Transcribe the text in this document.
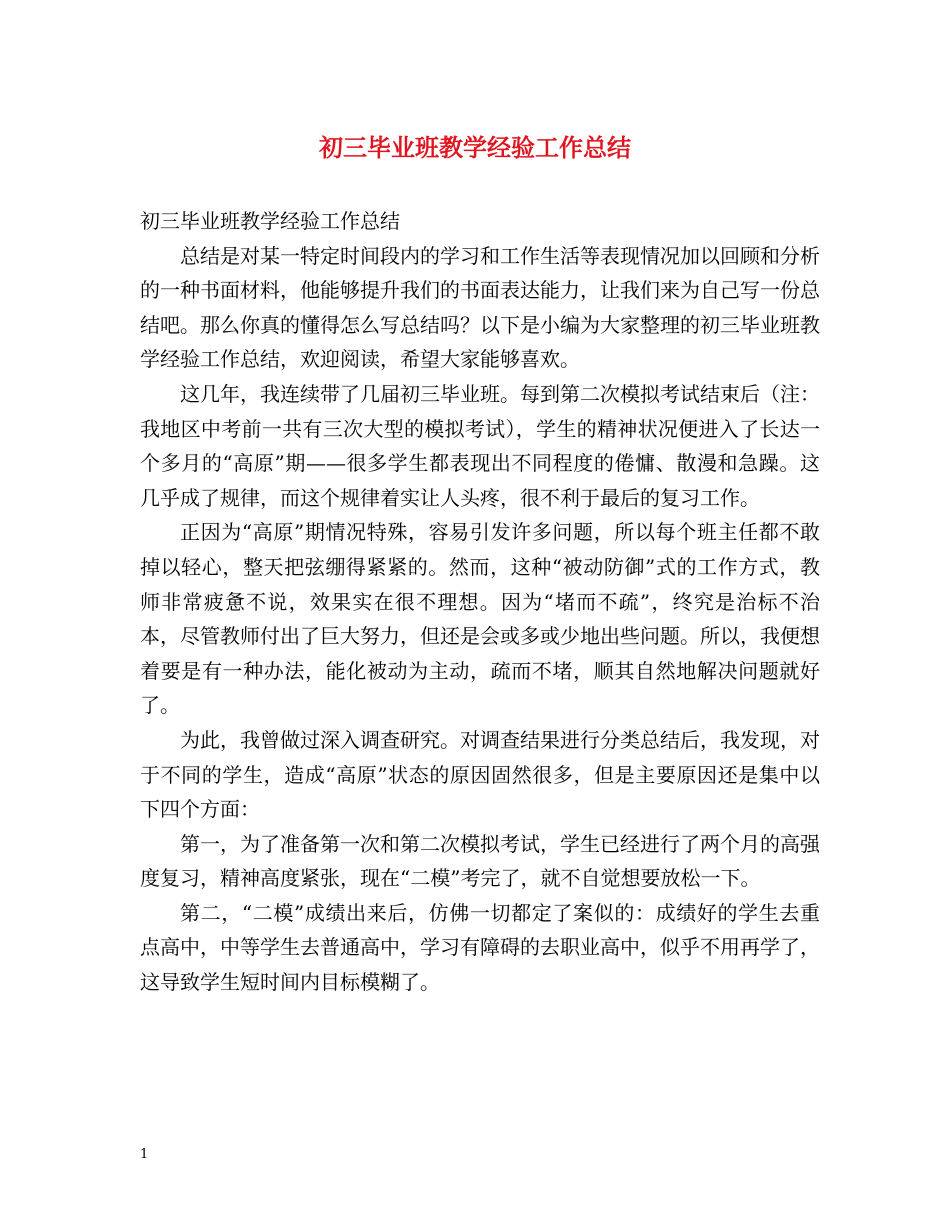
初三毕业班教学经验工作总结

初三毕业班教学经验工作总结

总结是对某一特定时间段内的学习和工作生活等表现情况加以回顾和分析的一种书面材料，他能够提升我们的书面表达能力，让我们来为自己写一份总结吧。那么你真的懂得怎么写总结吗？以下是小编为大家整理的初三毕业班教学经验工作总结，欢迎阅读，希望大家能够喜欢。

这几年，我连续带了几届初三毕业班。每到第二次模拟考试结束后（注：我地区中考前一共有三次大型的模拟考试），学生的精神状况便进入了长达一个多月的“高原”期——很多学生都表现出不同程度的倦慵、散漫和急躁。这几乎成了规律，而这个规律着实让人头疼，很不利于最后的复习工作。

正因为“高原”期情况特殊，容易引发许多问题，所以每个班主任都不敢掉以轻心，整天把弦绷得紧紧的。然而，这种“被动防御”式的工作方式，教师非常疲惫不说，效果实在很不理想。因为“堵而不疏”，终究是治标不治本，尽管教师付出了巨大努力，但还是会或多或少地出些问题。所以，我便想着要是有一种办法，能化被动为主动，疏而不堵，顺其自然地解决问题就好了。

为此，我曾做过深入调查研究。对调查结果进行分类总结后，我发现，对于不同的学生，造成“高原”状态的原因固然很多，但是主要原因还是集中以下四个方面：

第一，为了准备第一次和第二次模拟考试，学生已经进行了两个月的高强度复习，精神高度紧张，现在“二模”考完了，就不自觉想要放松一下。

第二，“二模”成绩出来后，仿佛一切都定了案似的：成绩好的学生去重点高中，中等学生去普通高中，学习有障碍的去职业高中，似乎不用再学了，这导致学生短时间内目标模糊了。

1
